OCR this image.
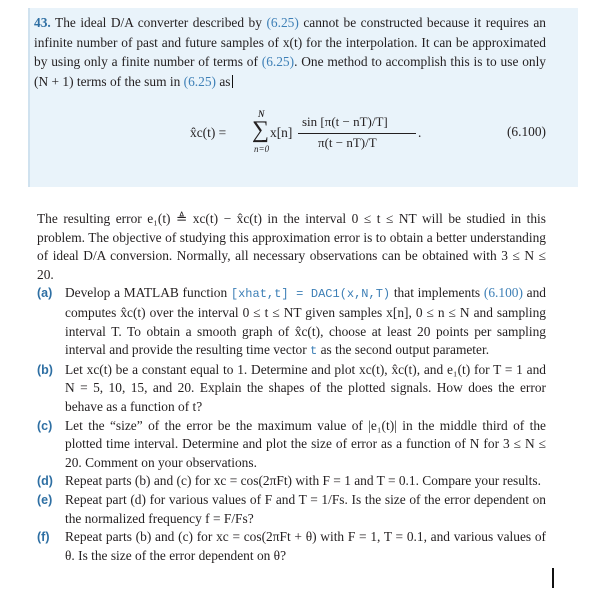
43. The ideal D/A converter described by (6.25) cannot be constructed because it requires an infinite number of past and future samples of x(t) for the interpolation. It can be approximated by using only a finite number of terms of (6.25). One method to accomplish this is to use only (N + 1) terms of the sum in (6.25) as
x̂c(t) =
N
∑
n=0
x[n]
sin [π(t − nT)/T]
π(t − nT)/T
.	(6.100)

The resulting error e₁(t) ≜ xc(t) − x̂c(t) in the interval 0 ≤ t ≤ NT will be studied in this problem. The objective of studying this approximation error is to obtain a better understanding of ideal D/A conversion. Normally, all necessary observations can be obtained with 3 ≤ N ≤ 20.

(a) Develop a MATLAB function [xhat,t] = DAC1(x,N,T) that implements (6.100) and computes x̂c(t) over the interval 0 ≤ t ≤ NT given samples x[n], 0 ≤ n ≤ N and sampling interval T. To obtain a smooth graph of x̂c(t), choose at least 20 points per sampling interval and provide the resulting time vector t as the second output parameter.
(b) Let xc(t) be a constant equal to 1. Determine and plot xc(t), x̂c(t), and e₁(t) for T = 1 and N = 5, 10, 15, and 20. Explain the shapes of the plotted signals. How does the error behave as a function of t?
(c) Let the “size” of the error be the maximum value of |e₁(t)| in the middle third of the plotted time interval. Determine and plot the size of error as a function of N for 3 ≤ N ≤ 20. Comment on your observations.
(d) Repeat parts (b) and (c) for xc = cos(2πFt) with F = 1 and T = 0.1. Compare your results.
(e) Repeat part (d) for various values of F and T = 1/Fs. Is the size of the error dependent on the normalized frequency f = F/Fs?
(f) Repeat parts (b) and (c) for xc = cos(2πFt + θ) with F = 1, T = 0.1, and various values of θ. Is the size of the error dependent on θ?
